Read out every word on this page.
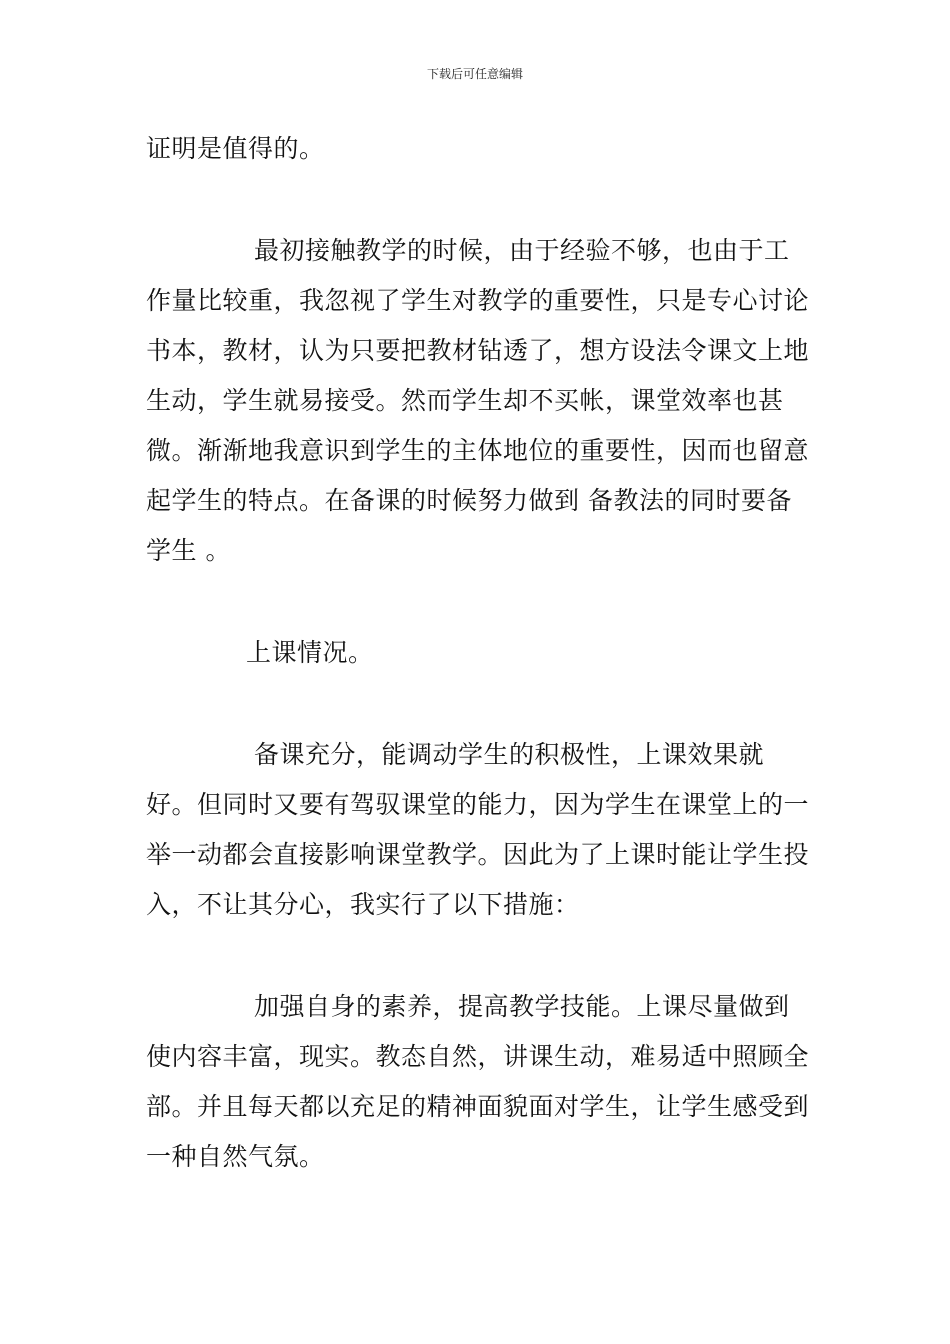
下载后可任意编辑

证明是值得的。

最初接触教学的时候，由于经验不够，也由于工作量比较重，我忽视了学生对教学的重要性，只是专心讨论书本，教材，认为只要把教材钻透了，想方设法令课文上地生动，学生就易接受。然而学生却不买帐，课堂效率也甚微。渐渐地我意识到学生的主体地位的重要性，因而也留意起学生的特点。在备课的时候努力做到 备教法的同时要备学生 。

上课情况。

备课充分，能调动学生的积极性，上课效果就好。但同时又要有驾驭课堂的能力，因为学生在课堂上的一举一动都会直接影响课堂教学。因此为了上课时能让学生投入，不让其分心，我实行了以下措施：

加强自身的素养，提高教学技能。上课尽量做到使内容丰富，现实。教态自然，讲课生动，难易适中照顾全部。并且每天都以充足的精神面貌面对学生，让学生感受到一种自然气氛。
